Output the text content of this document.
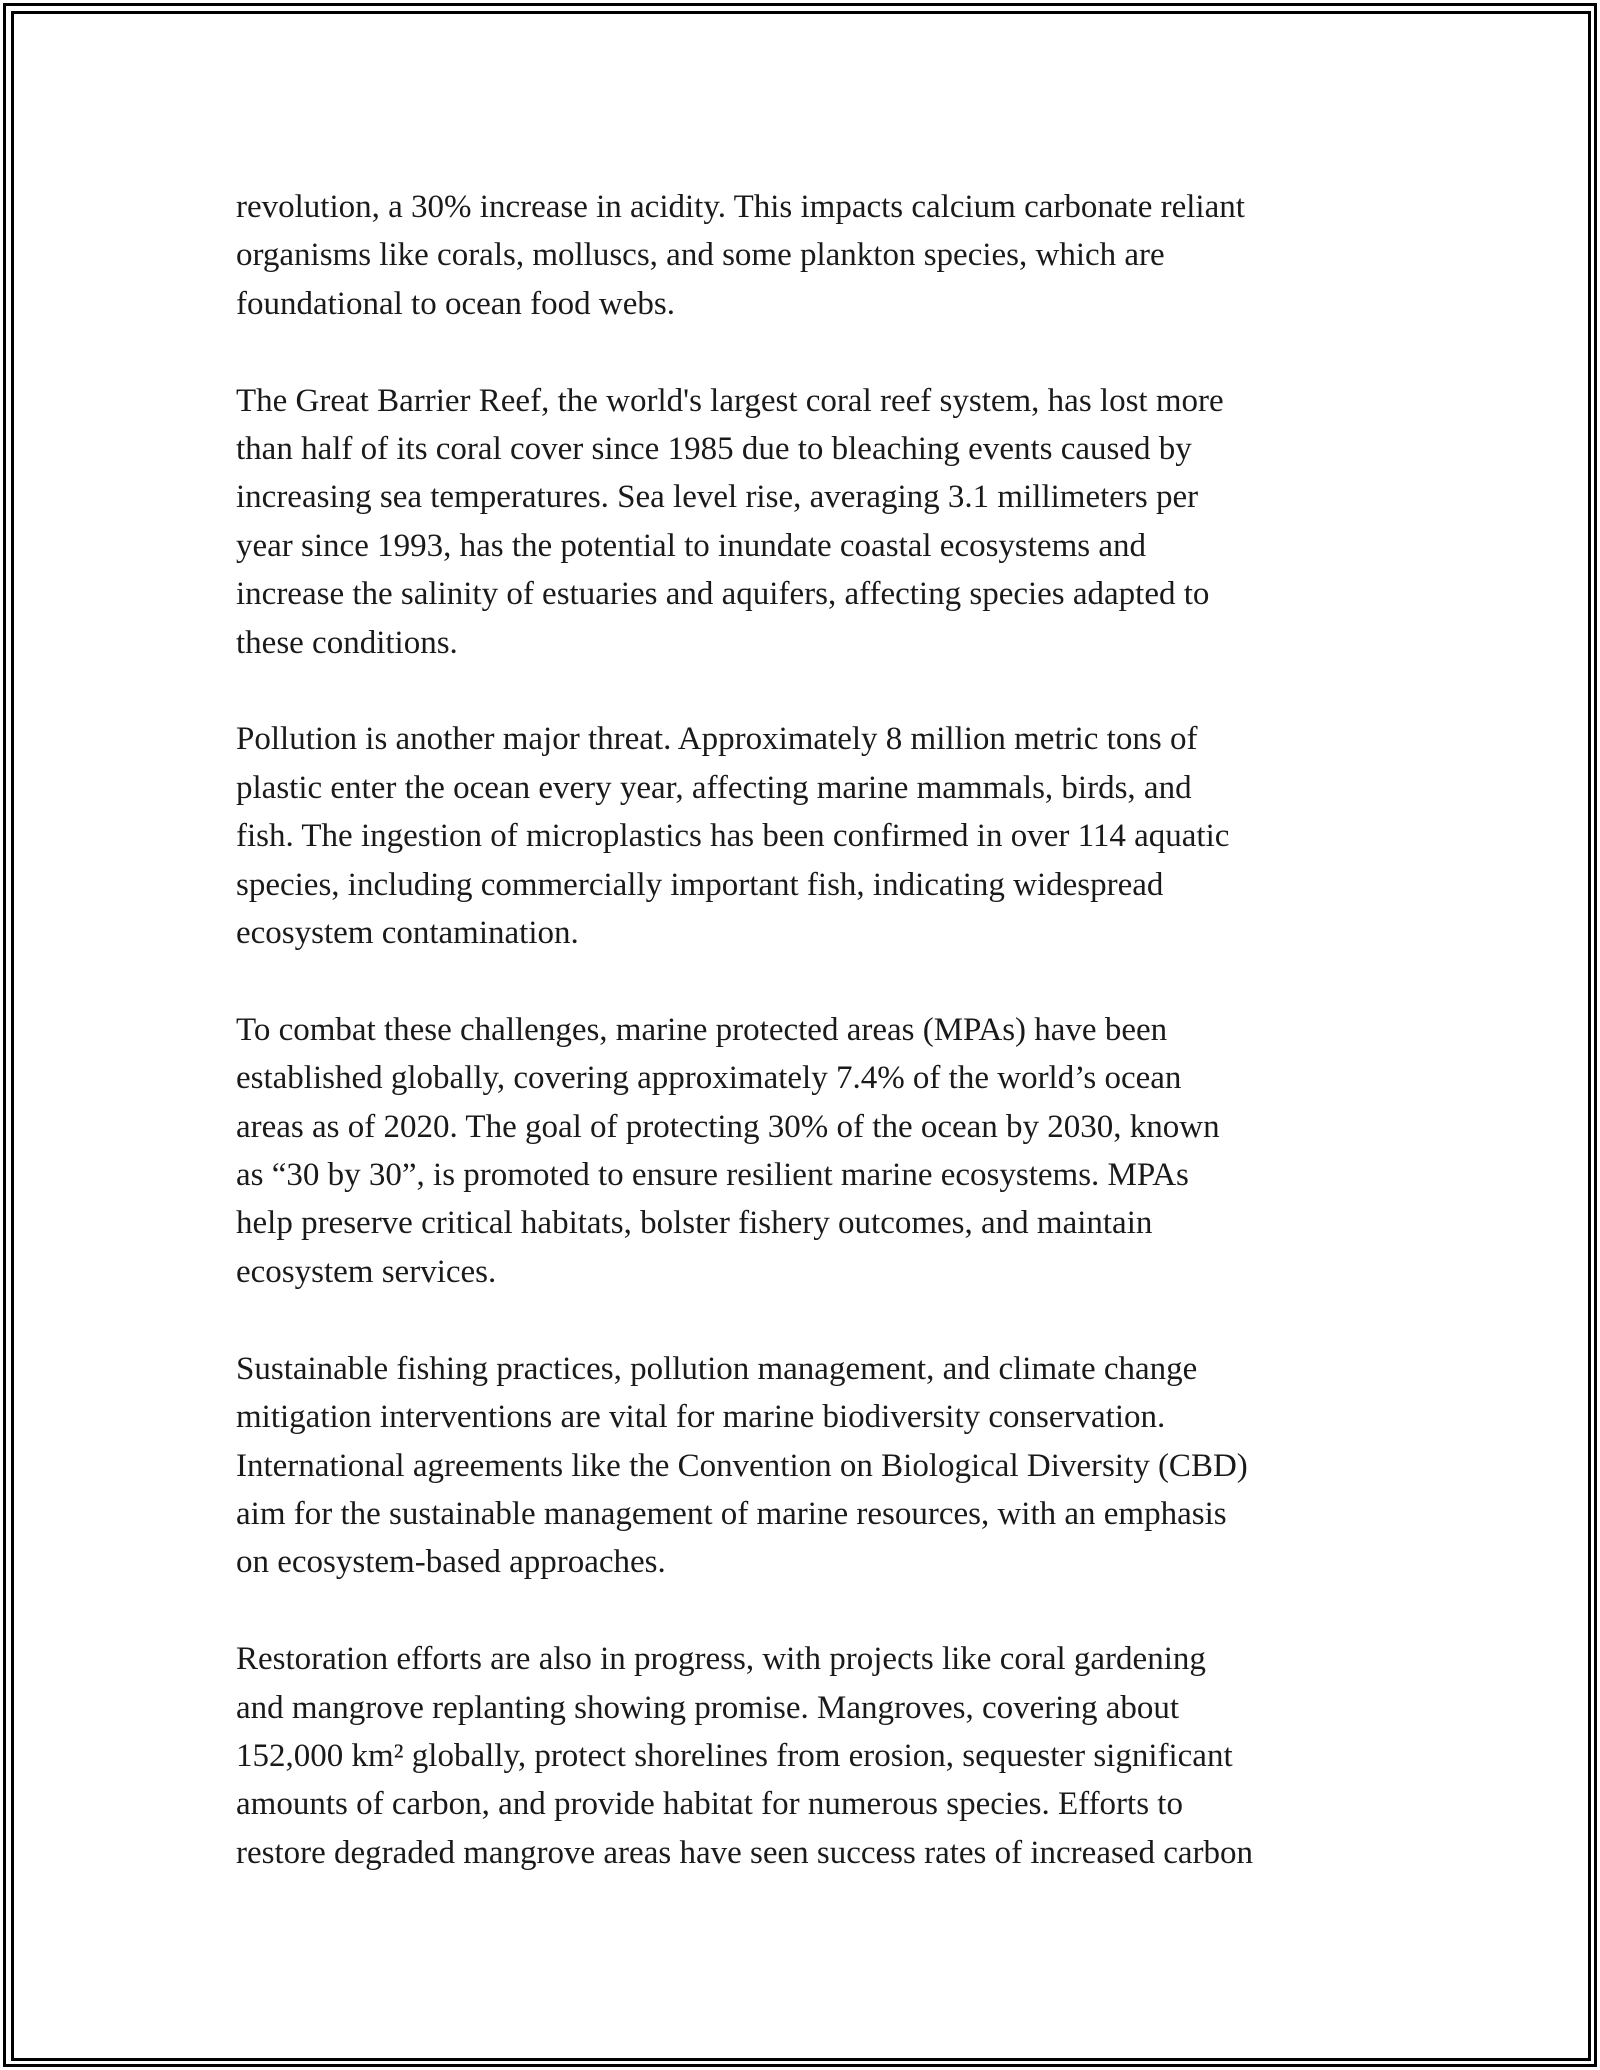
revolution, a 30% increase in acidity. This impacts calcium carbonate reliant
organisms like corals, molluscs, and some plankton species, which are
foundational to ocean food webs.

The Great Barrier Reef, the world's largest coral reef system, has lost more
than half of its coral cover since 1985 due to bleaching events caused by
increasing sea temperatures. Sea level rise, averaging 3.1 millimeters per
year since 1993, has the potential to inundate coastal ecosystems and
increase the salinity of estuaries and aquifers, affecting species adapted to
these conditions.

Pollution is another major threat. Approximately 8 million metric tons of
plastic enter the ocean every year, affecting marine mammals, birds, and
fish. The ingestion of microplastics has been confirmed in over 114 aquatic
species, including commercially important fish, indicating widespread
ecosystem contamination.

To combat these challenges, marine protected areas (MPAs) have been
established globally, covering approximately 7.4% of the world’s ocean
areas as of 2020. The goal of protecting 30% of the ocean by 2030, known
as “30 by 30”, is promoted to ensure resilient marine ecosystems. MPAs
help preserve critical habitats, bolster fishery outcomes, and maintain
ecosystem services.

Sustainable fishing practices, pollution management, and climate change
mitigation interventions are vital for marine biodiversity conservation.
International agreements like the Convention on Biological Diversity (CBD)
aim for the sustainable management of marine resources, with an emphasis
on ecosystem-based approaches.

Restoration efforts are also in progress, with projects like coral gardening
and mangrove replanting showing promise. Mangroves, covering about
152,000 km² globally, protect shorelines from erosion, sequester significant
amounts of carbon, and provide habitat for numerous species. Efforts to
restore degraded mangrove areas have seen success rates of increased carbon
